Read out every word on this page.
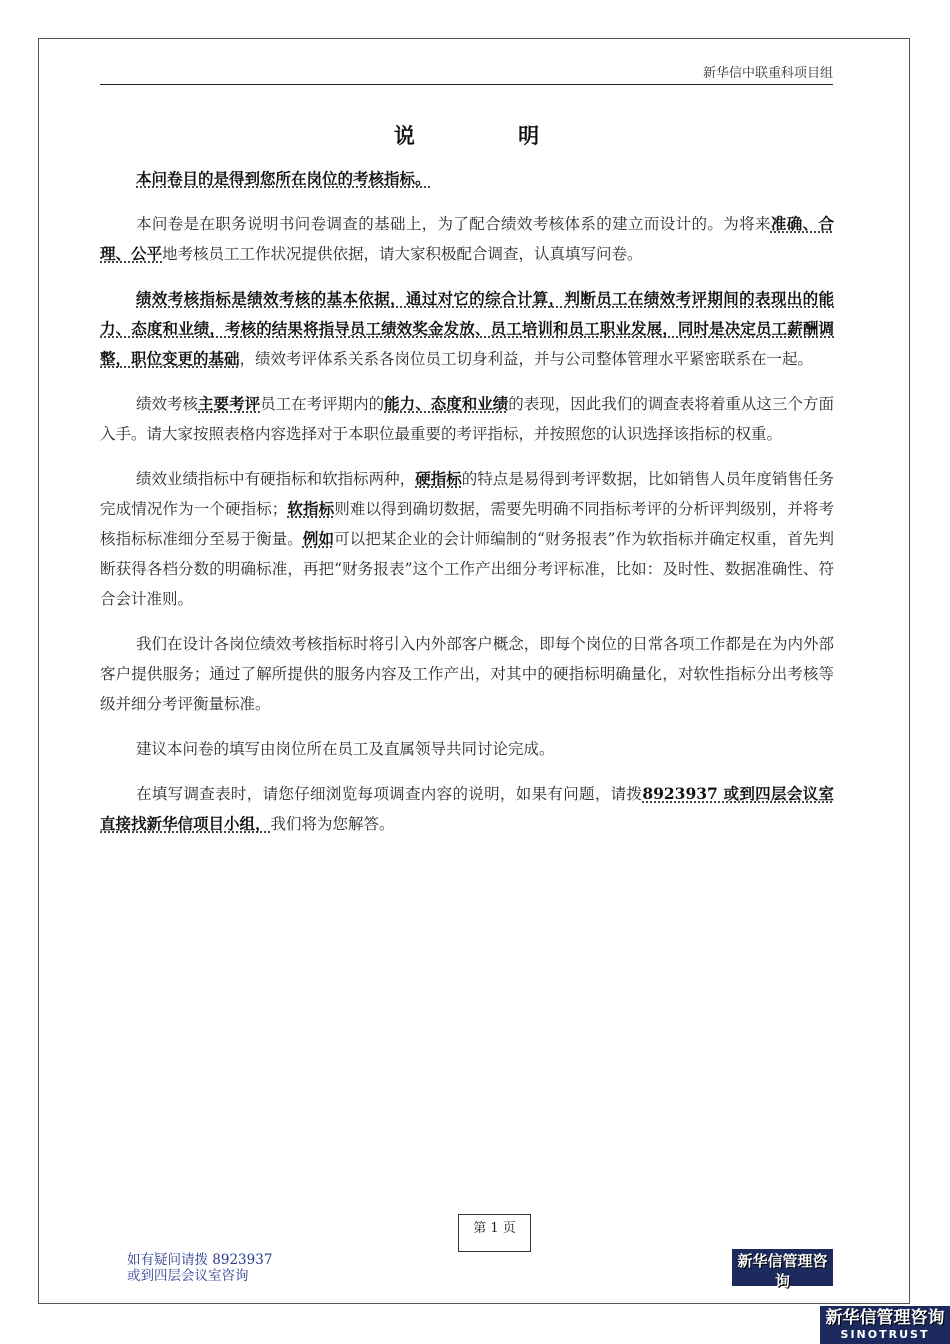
新华信中联重科项目组
说 明

本问卷目的是得到您所在岗位的考核指标。

本问卷是在职务说明书问卷调查的基础上，为了配合绩效考核体系的建立而设计的。为将来准确、合理、公平地考核员工工作状况提供依据，请大家积极配合调查，认真填写问卷。

绩效考核指标是绩效考核的基本依据，通过对它的综合计算，判断员工在绩效考评期间的表现出的能力、态度和业绩，考核的结果将指导员工绩效奖金发放、员工培训和员工职业发展，同时是决定员工薪酬调整，职位变更的基础，绩效考评体系关系各岗位员工切身利益，并与公司整体管理水平紧密联系在一起。

绩效考核主要考评员工在考评期内的能力、态度和业绩的表现，因此我们的调查表将着重从这三个方面入手。请大家按照表格内容选择对于本职位最重要的考评指标，并按照您的认识选择该指标的权重。

绩效业绩指标中有硬指标和软指标两种，硬指标的特点是易得到考评数据，比如销售人员年度销售任务完成情况作为一个硬指标；软指标则难以得到确切数据，需要先明确不同指标考评的分析评判级别，并将考核指标标准细分至易于衡量。例如可以把某企业的会计师编制的“财务报表”作为软指标并确定权重，首先判断获得各档分数的明确标准，再把“财务报表”这个工作产出细分考评标准，比如：及时性、数据准确性、符合会计准则。

我们在设计各岗位绩效考核指标时将引入内外部客户概念，即每个岗位的日常各项工作都是在为内外部客户提供服务；通过了解所提供的服务内容及工作产出，对其中的硬指标明确量化，对软性指标分出考核等级并细分考评衡量标准。

建议本问卷的填写由岗位所在员工及直属领导共同讨论完成。

在填写调查表时，请您仔细浏览每项调查内容的说明，如果有问题，请拨8923937 或到四层会议室直接找新华信项目小组，我们将为您解答。

第 1 页
如有疑问请拨 8923937
或到四层会议室咨询
新华信管理咨询
SINOTRUST
新华信管理咨询
SINOTRUST
